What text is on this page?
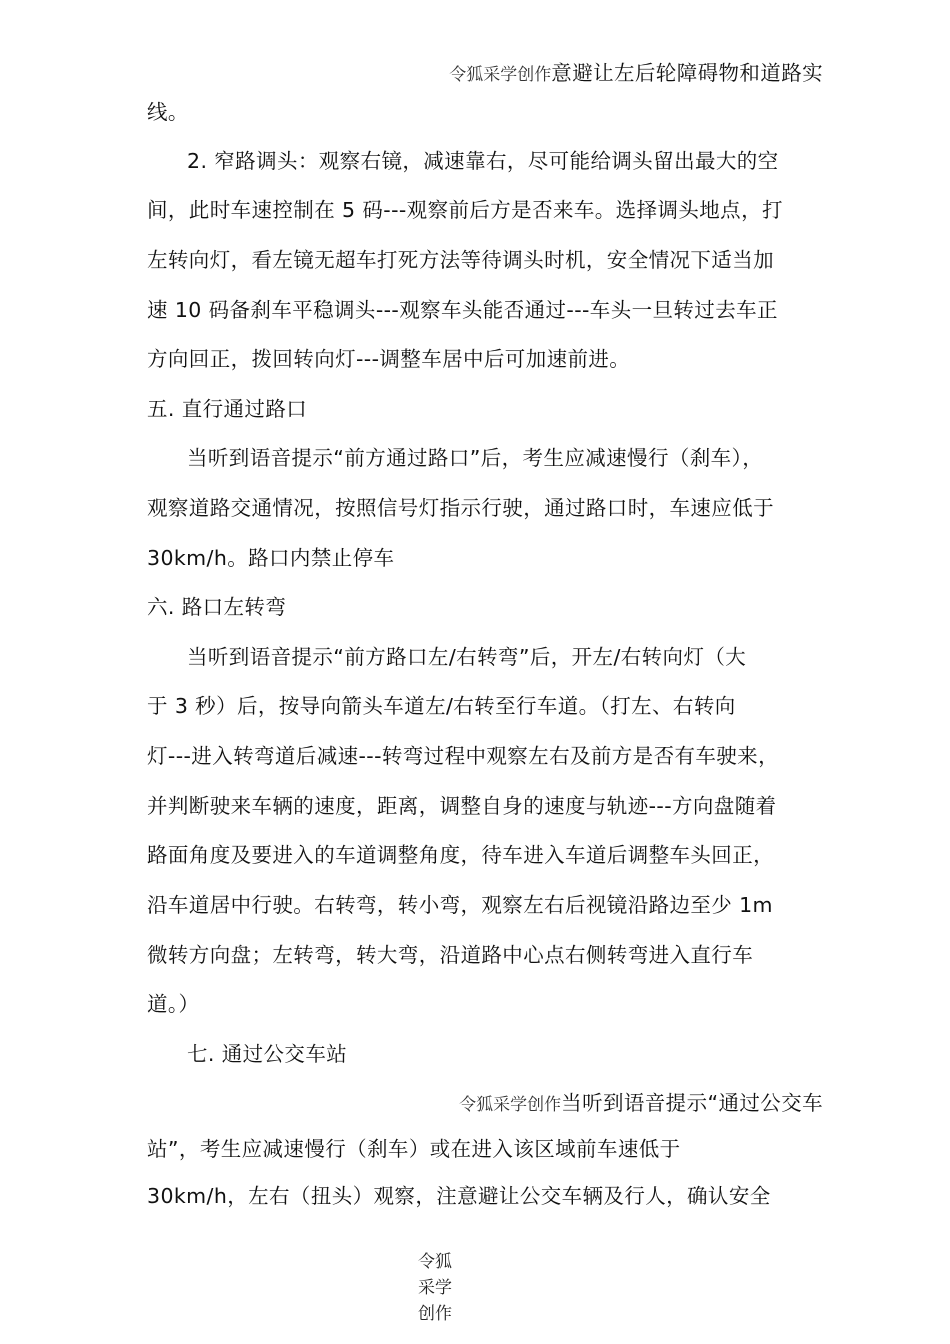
令狐采学创作意避让左后轮障碍物和道路实

线。

2. 窄路调头：观察右镜，减速靠右，尽可能给调头留出最大的空

间，此时车速控制在 5 码---观察前后方是否来车。选择调头地点，打

左转向灯，看左镜无超车打死方法等待调头时机，安全情况下适当加

速 10 码备刹车平稳调头---观察车头能否通过---车头一旦转过去车正

方向回正，拨回转向灯---调整车居中后可加速前进。

五. 直行通过路口

当听到语音提示“前方通过路口”后，考生应减速慢行（刹车），

观察道路交通情况，按照信号灯指示行驶，通过路口时，车速应低于

30km/h。路口内禁止停车

六. 路口左转弯

当听到语音提示“前方路口左/右转弯”后，开左/右转向灯（大

于 3 秒）后，按导向箭头车道左/右转至行车道。（打左、右转向

灯---进入转弯道后减速---转弯过程中观察左右及前方是否有车驶来，

并判断驶来车辆的速度，距离，调整自身的速度与轨迹---方向盘随着

路面角度及要进入的车道调整角度，待车进入车道后调整车头回正，

沿车道居中行驶。右转弯，转小弯，观察左右后视镜沿路边至少 1m

微转方向盘；左转弯，转大弯，沿道路中心点右侧转弯进入直行车

道。）

七. 通过公交车站

令狐采学创作当听到语音提示“通过公交车

站”，考生应减速慢行（刹车）或在进入该区域前车速低于

30km/h，左右（扭头）观察，注意避让公交车辆及行人，确认安全

令狐
采学
创作
